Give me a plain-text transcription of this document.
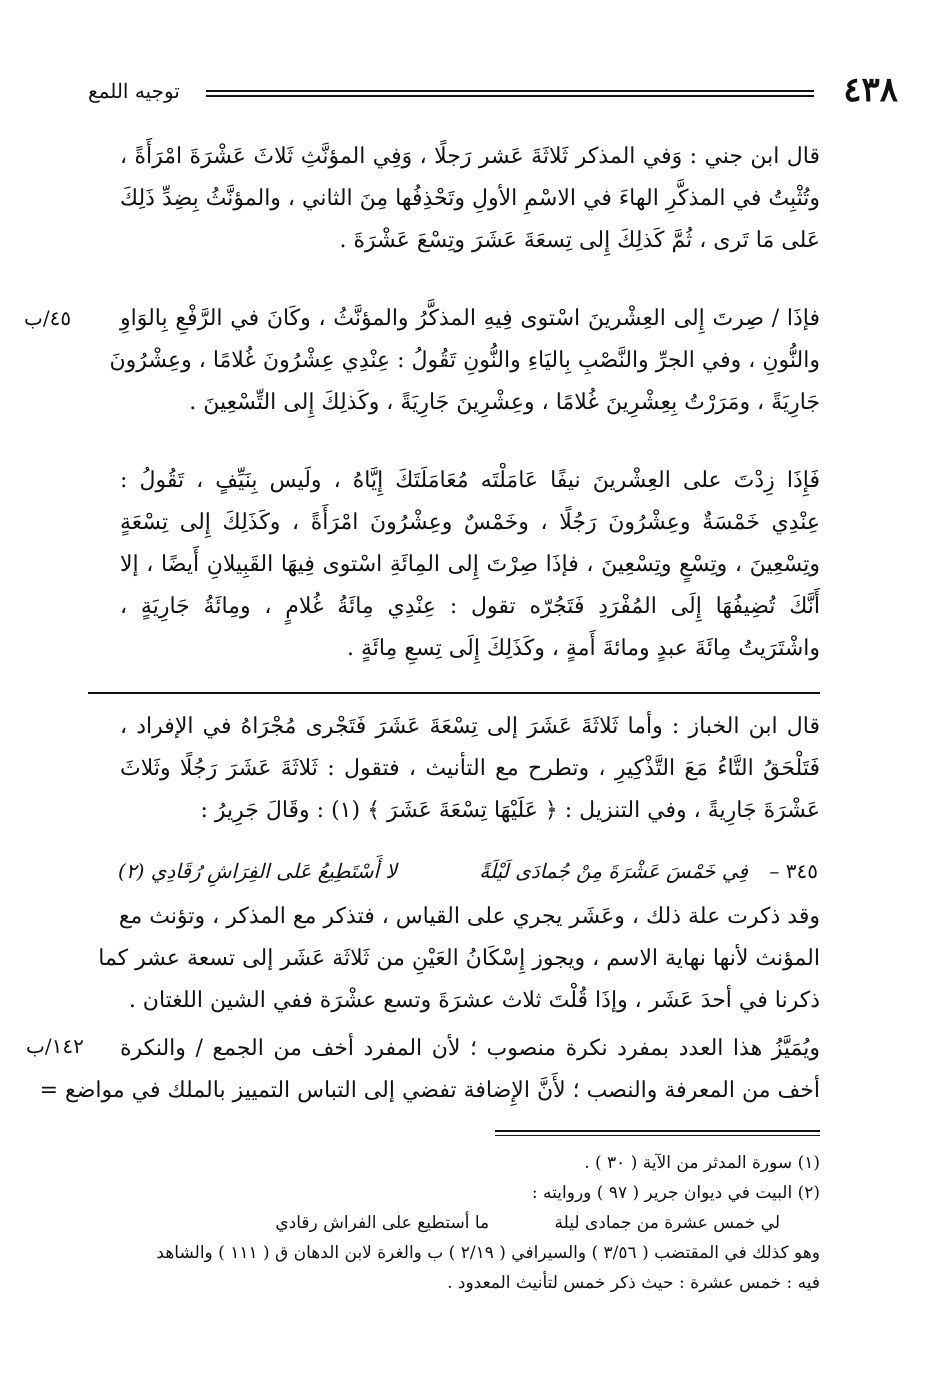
٤٣٨
توجيه اللمع
قال ابن جني : وَفي المذكر ثَلاثَةَ عَشر رَجلًا ، وَفِي المؤنَّثِ ثَلاثَ عَشْرَةَ امْرَأَةً ،
وتُثْبِتُ في المذكَّرِ الهاءَ في الاسْمِ الأولِ وتَحْذِفُها مِنَ الثاني ، والمؤنَّثُ بِضِدِّ ذَلِكَ
عَلى مَا تَرى ، ثُمَّ كَذلِكَ إِلى تِسعَةَ عَشَرَ وتِسْعَ عَشْرَةَ .
فإذَا / صِرتَ إِلى العِشْرينَ اسْتوى فِيهِ المذكَّرُ والمؤنَّثُ ، وكَانَ في الرَّفْعِ بِالوَاوِ
والنُّونِ ، وفي الجرِّ والنَّصْبِ بِاليَاءِ والنُّونِ تَقُولُ : عِنْدِي عِشْرُونَ غُلامًا ، وعِشْرُونَ
جَارِيَةً ، ومَرَرْتُ بِعِشْرِينَ غُلامًا ، وعِشْرِينَ جَارِيَةً ، وكَذلِكَ إِلى التِّسْعِينَ .
٤٥/ب
فَإِذَا زِدْتَ على العِشْرينَ نيفًا عَامَلْتَه مُعَامَلَتَكَ إِيَّاهُ ، ولَيس بِنَيِّفٍ ، تَقُولُ :
عِنْدِي خَمْسَةٌ وعِشْرُونَ رَجُلًا ، وخَمْسٌ وعِشْرُونَ امْرَأَةً ، وكَذَلِكَ إِلى تِسْعَةٍ
وتِسْعِينَ ، وتِسْعٍ وتِسْعِينَ ، فإذَا صِرْتَ إِلى المِائَةِ اسْتوى فِيهَا القَبِيلانِ أَيضًا ، إلا
أَنَّكَ تُضِيفُهَا إِلَى المُفْرَدِ فَتَجُرّه تقول : عِنْدِي مِائَةُ غُلامٍ ، ومِائَةُ جَارِيَةٍ ،
واشْتَرَيتُ مِائَةَ عبدٍ ومائةَ أَمةٍ ، وكَذَلِكَ إِلَى تِسعِ مِائَةٍ .
قال ابن الخباز : وأما ثَلاثَةَ عَشَرَ إلى تِسْعَةَ عَشَرَ فَتَجْرى مُجْرَاهُ في الإفراد ،
فَتَلْحَقُ التَّاءُ مَعَ التَّذْكِيرِ ، وتطرح مع التأنيث ، فتقول : ثَلاثَةَ عَشَرَ رَجُلًا وثَلاثَ
عَشْرَةَ جَارِيةً ، وفي التنزيل : ﴿ عَلَيْهَا تِسْعَةَ عَشَرَ ﴾ (١) : وقَالَ جَرِيرُ :
٣٤٥ –
فِي خَمْسَ عَشْرَةَ مِنْ جُمادَى لَيْلَةً
لا أَسْتَطِيعُ عَلى الفِرَاشِ رُقَادِي (٢)
وقد ذكرت علة ذلك ، وعَشَر يجري على القياس ، فتذكر مع المذكر ، وتؤنث مع
المؤنث لأنها نهاية الاسم ، ويجوز إِسْكَانُ العَيْنِ من ثَلاثَة عَشَر إلى تسعة عشر كما
ذكرنا في أحدَ عَشَر ، وإذَا قُلْتَ ثلاث عشرَةَ وتسع عشْرَة ففي الشين اللغتان .
ويُمَيَّزُ هذا العدد بمفرد نكرة منصوب ؛ لأن المفرد أخف من الجمع / والنكرة
أخف من المعرفة والنصب ؛ لأَنَّ الإِضافة تفضي إلى التباس التمييز بالملك في مواضع =
١٤٢/ب
(١) سورة المدثر من الآية ( ٣٠ ) .
(٢) البيت في ديوان جرير ( ٩٧ ) وروايته :
لي خمس عشرة من جمادى ليلة ما أستطيع على الفراش رقادي
وهو كذلك في المقتضب ( ٣/٥٦ ) والسيرافي ( ٢/١٩ ) ب والغرة لابن الدهان ق ( ١١١ ) والشاهد
فيه : خمس عشرة : حيث ذكر خمس لتأنيث المعدود .
